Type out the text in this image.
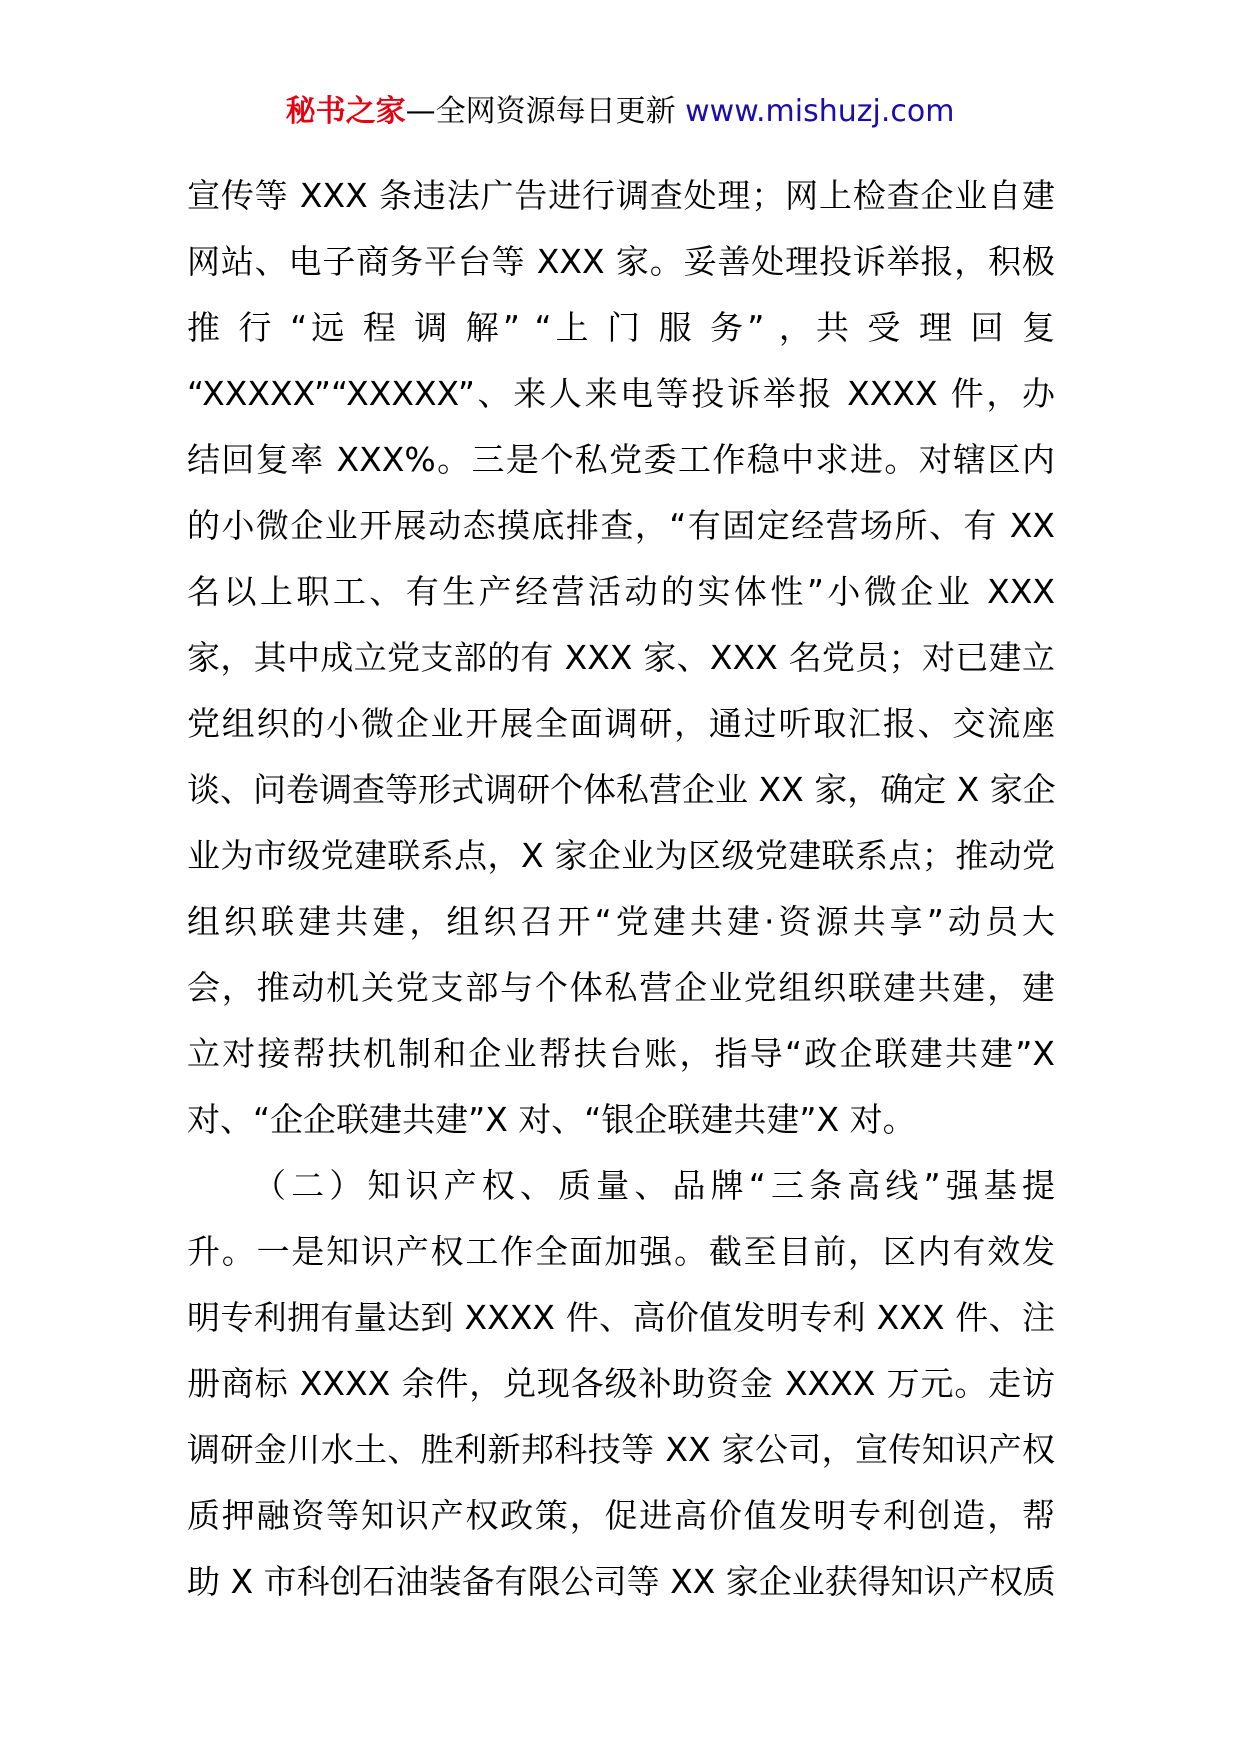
秘书之家—全网资源每日更新 www.mishuzj.com
宣传等 XXX 条违法广告进行调查处理；网上检查企业自建
网站、电子商务平台等 XXX 家。妥善处理投诉举报，积极
推 行 “远 程 调 解” “上 门 服 务” ，共 受 理 回 复
“XXXXX”“XXXXX”、来人来电等投诉举报 XXXX 件，办
结回复率 XXX%。三是个私党委工作稳中求进。对辖区内
的小微企业开展动态摸底排查，“有固定经营场所、有 XX
名以上职工、有生产经营活动的实体性”小微企业 XXX
家，其中成立党支部的有 XXX 家、XXX 名党员；对已建立
党组织的小微企业开展全面调研，通过听取汇报、交流座
谈、问卷调查等形式调研个体私营企业 XX 家，确定 X 家企
业为市级党建联系点，X 家企业为区级党建联系点；推动党
组织联建共建，组织召开“党建共建·资源共享”动员大
会，推动机关党支部与个体私营企业党组织联建共建，建
立对接帮扶机制和企业帮扶台账，指导“政企联建共建”X
对、“企企联建共建”X 对、“银企联建共建”X 对。
（二）知识产权、质量、品牌“三条高线”强基提
升。一是知识产权工作全面加强。截至目前，区内有效发
明专利拥有量达到 XXXX 件、高价值发明专利 XXX 件、注
册商标 XXXX 余件，兑现各级补助资金 XXXX 万元。走访
调研金川水土、胜利新邦科技等 XX 家公司，宣传知识产权
质押融资等知识产权政策，促进高价值发明专利创造，帮
助 X 市科创石油装备有限公司等 XX 家企业获得知识产权质
